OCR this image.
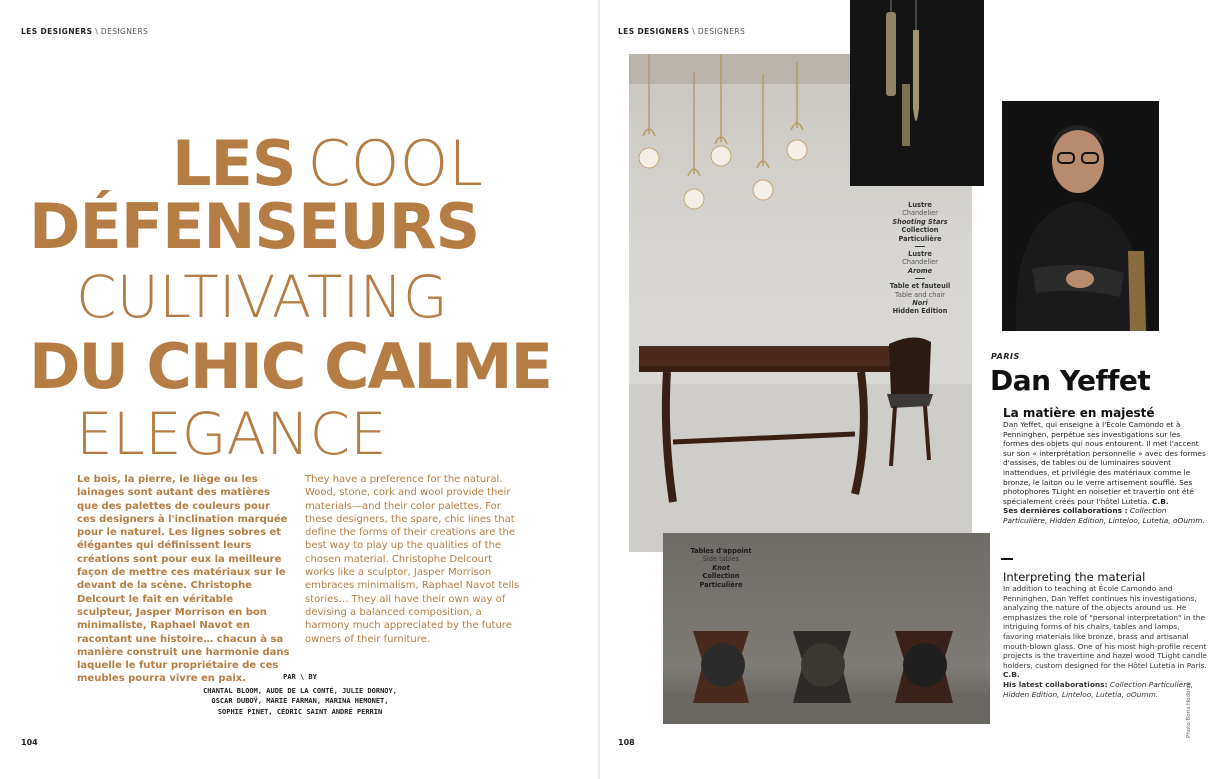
LES DESIGNERS \ DESIGNERS
LES COOL
DÉFENSEURS
CULTIVATING
DU CHIC CALME
ELEGANCE
Le bois, la pierre, le liège ou les lainages sont autant des matières que des palettes de couleurs pour ces designers à l'inclination marquée pour le naturel. Les lignes sobres et élégantes qui définissent leurs créations sont pour eux la meilleure façon de mettre ces matériaux sur le devant de la scène. Christophe Delcourt le fait en véritable sculpteur, Jasper Morrison en bon minimaliste, Raphael Navot en racontant une histoire… chacun à sa manière construit une harmonie dans laquelle le futur propriétaire de ces meubles pourra vivre en paix.
They have a preference for the natural. Wood, stone, cork and wool provide their materials—and their color palettes. For these designers, the spare, chic lines that define the forms of their creations are the best way to play up the qualities of the chosen material. Christophe Delcourt works like a sculptor, Jasper Morrison embraces minimalism, Raphael Navot tells stories… They all have their own way of devising a balanced composition, a harmony much appreciated by the future owners of their furniture.
PAR \ BY
CHANTAL BLOOM, AUDE DE LA CONTÉ, JULIE DORNOY,
OSCAR DUBOŸ, MARIE FARMAN, MARINA HEMONET,
SOPHIE PINET, CÉDRIC SAINT ANDRÉ PERRIN
104
LES DESIGNERS \ DESIGNERS
108
Lustre
Chandelier
Shooting Stars
Collection Particulière
Lustre
Chandelier
Arome
Table et fauteuil
Table and chair
Nori
Hidden Edition
Tables d'appoint
Side tables
Knot
Collection Particulière
PARIS
Dan Yeffet
La matière en majesté
Dan Yeffet, qui enseigne à l'École Camondo et à Penninghen, perpétue ses investigations sur les formes des objets qui nous entourent. Il met l'accent sur son « interprétation personnelle » avec des formes d'assises, de tables ou de luminaires souvent inattendues, et privilégie des matériaux comme le bronze, le laiton ou le verre artisement soufflé. Ses photophores TLight en noisetier et travertin ont été spécialement créés pour l'hôtel Lutetia. C.B.
Ses dernières collaborations : Collection Particulière, Hidden Edition, Linteloo, Lutetia, oOumm.
Interpreting the material
In addition to teaching at École Camondo and Penninghen, Dan Yeffet continues his investigations, analyzing the nature of the objects around us. He emphasizes the role of "personal interpretation" in the intriguing forms of his chairs, tables and lamps, favoring materials like bronze, brass and artisanal mouth-blown glass. One of his most high-profile recent projects is the travertine and hazel wood TLight candle holders, custom designed for the Hôtel Lutetia in Paris. C.B.
His latest collaborations: Collection Particulière, Hidden Edition, Linteloo, Lutetia, oOumm.	Photo Boris Hodorov
